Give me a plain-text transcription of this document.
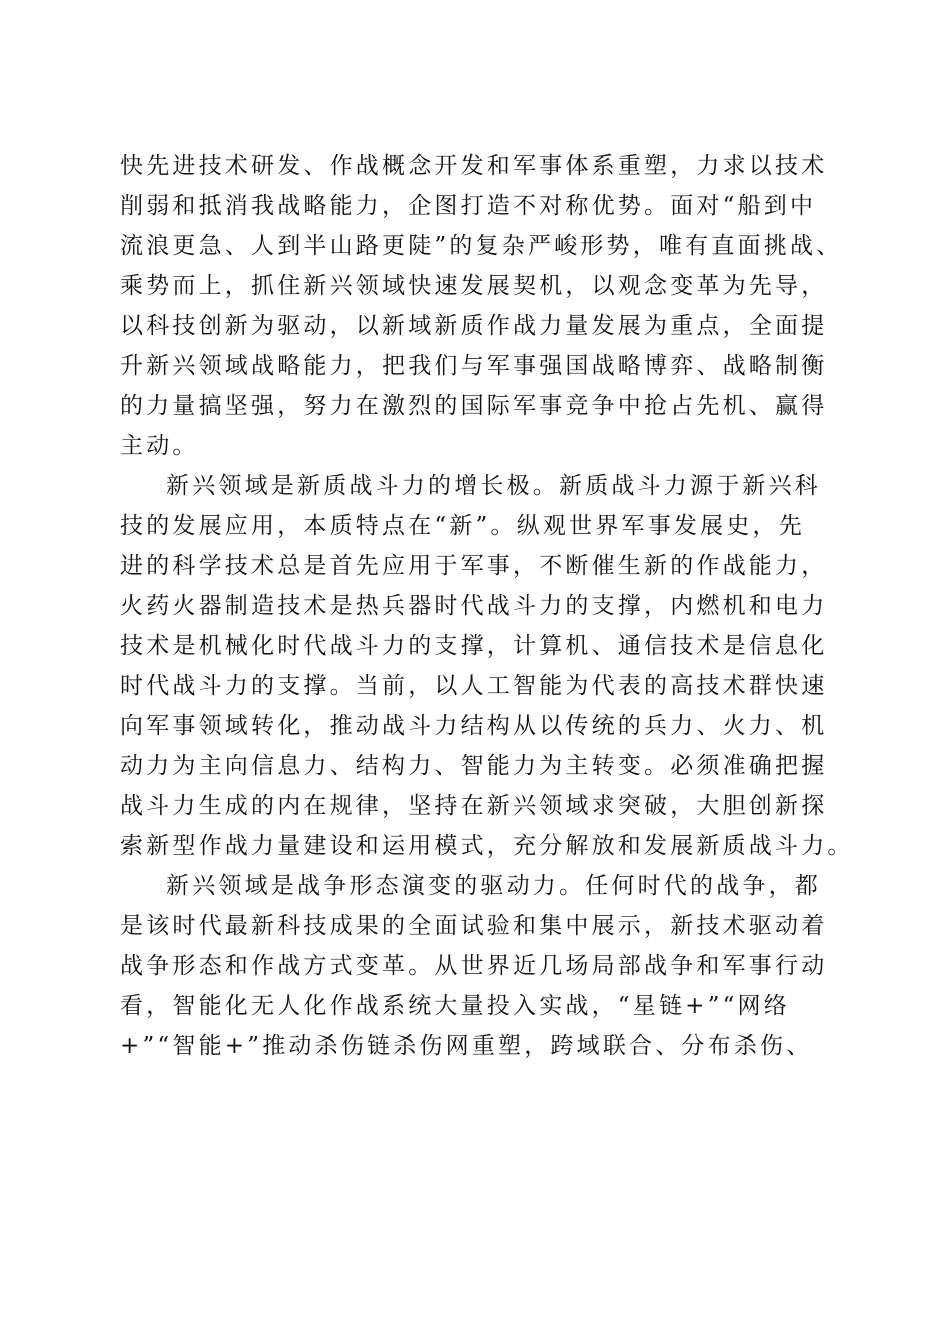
快先进技术研发、作战概念开发和军事体系重塑，力求以技术
削弱和抵消我战略能力，企图打造不对称优势。面对“船到中
流浪更急、人到半山路更陡”的复杂严峻形势，唯有直面挑战、
乘势而上，抓住新兴领域快速发展契机，以观念变革为先导，
以科技创新为驱动，以新域新质作战力量发展为重点，全面提
升新兴领域战略能力，把我们与军事强国战略博弈、战略制衡
的力量搞坚强，努力在激烈的国际军事竞争中抢占先机、赢得
主动。
新兴领域是新质战斗力的增长极。新质战斗力源于新兴科
技的发展应用，本质特点在“新”。纵观世界军事发展史，先
进的科学技术总是首先应用于军事，不断催生新的作战能力，
火药火器制造技术是热兵器时代战斗力的支撑，内燃机和电力
技术是机械化时代战斗力的支撑，计算机、通信技术是信息化
时代战斗力的支撑。当前，以人工智能为代表的高技术群快速
向军事领域转化，推动战斗力结构从以传统的兵力、火力、机
动力为主向信息力、结构力、智能力为主转变。必须准确把握
战斗力生成的内在规律，坚持在新兴领域求突破，大胆创新探
索新型作战力量建设和运用模式，充分解放和发展新质战斗力。
新兴领域是战争形态演变的驱动力。任何时代的战争，都
是该时代最新科技成果的全面试验和集中展示，新技术驱动着
战争形态和作战方式变革。从世界近几场局部战争和军事行动
看，智能化无人化作战系统大量投入实战，“星链+”“网络
+”“智能+”推动杀伤链杀伤网重塑，跨域联合、分布杀伤、
